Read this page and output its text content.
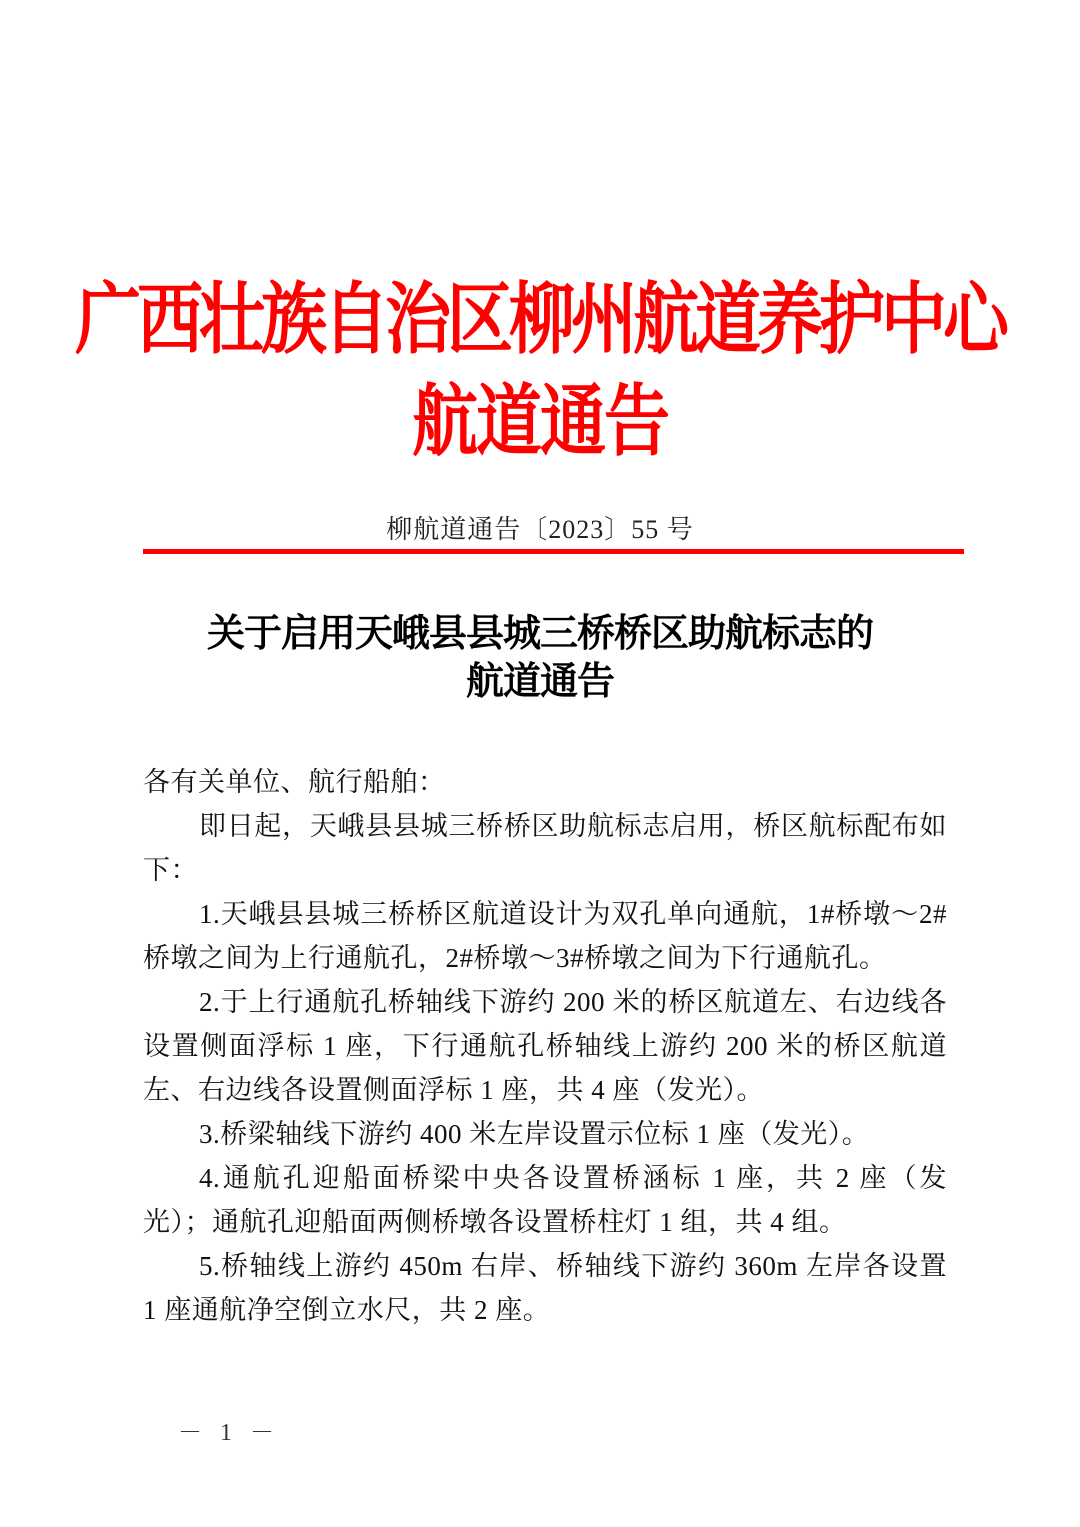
广西壮族自治区柳州航道养护中心
航道通告
柳航道通告〔2023〕55 号
关于启用天峨县县城三桥桥区助航标志的
航道通告

各有关单位、航行船舶：

即日起，天峨县县城三桥桥区助航标志启用，桥区航标配布如下：

1.天峨县县城三桥桥区航道设计为双孔单向通航，1#桥墩～2#桥墩之间为上行通航孔，2#桥墩～3#桥墩之间为下行通航孔。

2.于上行通航孔桥轴线下游约 200 米的桥区航道左、右边线各设置侧面浮标 1 座，下行通航孔桥轴线上游约 200 米的桥区航道左、右边线各设置侧面浮标 1 座，共 4 座（发光）。

3.桥梁轴线下游约 400 米左岸设置示位标 1 座（发光）。

4.通航孔迎船面桥梁中央各设置桥涵标 1 座，共 2 座（发光）；通航孔迎船面两侧桥墩各设置桥柱灯 1 组，共 4 组。

5.桥轴线上游约 450m 右岸、桥轴线下游约 360m 左岸各设置 1 座通航净空倒立水尺，共 2 座。

－ 1 －
